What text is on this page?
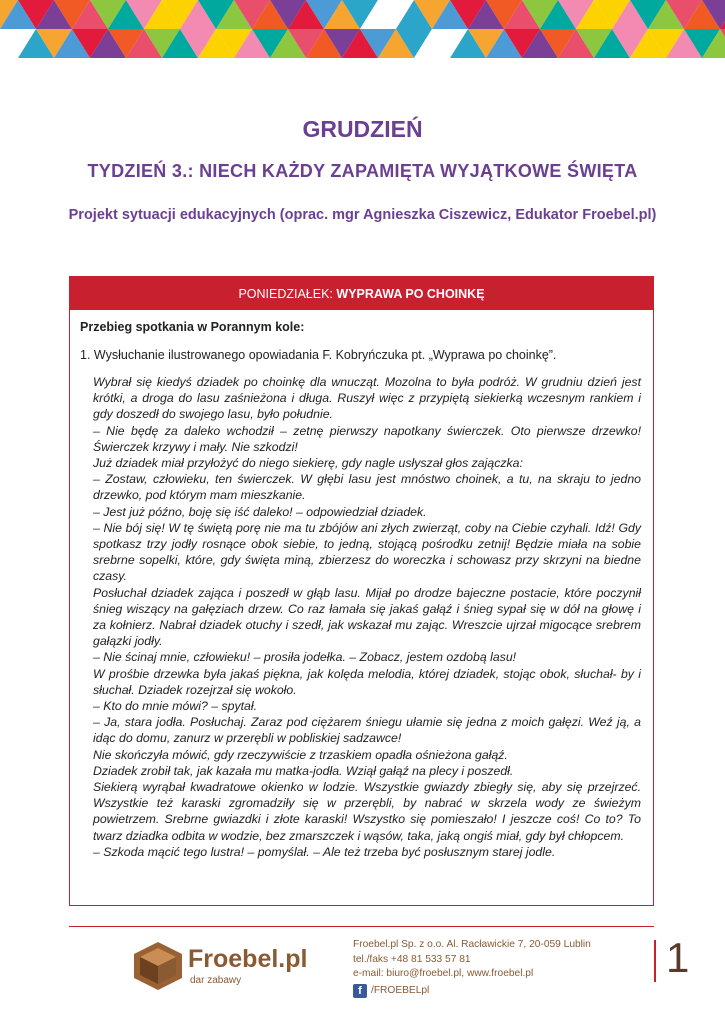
GRUDZIEŃ
TYDZIEŃ 3.: NIECH KAŻDY ZAPAMIĘTA WYJĄTKOWE ŚWIĘTA
Projekt sytuacji edukacyjnych (oprac. mgr Agnieszka Ciszewicz, Edukator Froebel.pl)
PONIEDZIAŁEK: WYPRAWA PO CHOINKĘ
Przebieg spotkania w Porannym kole:
1. Wysłuchanie ilustrowanego opowiadania F. Kobryńczuka pt. „Wyprawa po choinkę”.

Wybrał się kiedyś dziadek po choinkę dla wnucząt. Mozolna to była podróż. W grudniu dzień jest krótki, a droga do lasu zaśnieżona i długa. Ruszył więc z przypiętą siekierką wczesnym rankiem i gdy doszedł do swojego lasu, było południe.

– Nie będę za daleko wchodził – zetnę pierwszy napotkany świerczek. Oto pierwsze drzewko! Świerczek krzywy i mały. Nie szkodzi!

Już dziadek miał przyłożyć do niego siekierę, gdy nagle usłyszał głos zajączka:

– Zostaw, człowieku, ten świerczek. W głębi lasu jest mnóstwo choinek, a tu, na skraju to jedno drzewko, pod którym mam mieszkanie.

– Jest już późno, boję się iść daleko! – odpowiedział dziadek.

– Nie bój się! W tę świętą porę nie ma tu zbójów ani złych zwierząt, coby na Ciebie czyhali. Idź! Gdy spotkasz trzy jodły rosnące obok siebie, to jedną, stojącą pośrodku zetnij! Będzie miała na sobie srebrne sopelki, które, gdy święta miną, zbierzesz do woreczka i schowasz przy skrzyni na biedne czasy.

Posłuchał dziadek zająca i poszedł w głąb lasu. Mijał po drodze bajeczne postacie, które poczynił śnieg wiszący na gałęziach drzew. Co raz łamała się jakaś gałąź i śnieg sypał się w dół na głowę i za kołnierz. Nabrał dziadek otuchy i szedł, jak wskazał mu zając. Wreszcie ujrzał migocące srebrem gałązki jodły.

– Nie ścinaj mnie, człowieku! – prosiła jodełka. – Zobacz, jestem ozdobą lasu!

W prośbie drzewka była jakaś pięknа, jak kolęda melodia, której dziadek, stojąc obok, słuchał- by i słuchał. Dziadek rozejrzał się wokoło.

– Kto do mnie mówi? – spytał.

– Ja, stara jodła. Posłuchaj. Zaraz pod ciężarem śniegu ułamie się jedna z moich gałęzi. Weź ją, a idąc do domu, zanurz w przerębli w pobliskiej sadzawce!

Nie skończyła mówić, gdy rzeczywiście z trzaskiem opadła ośnieżona gałąź.

Dziadek zrobił tak, jak kazała mu matka-jodła. Wziął gałąź na plecy i poszedł.

Siekierą wyrąbał kwadratowe okienko w lodzie. Wszystkie gwiazdy zbiegły się, aby się przejrzeć. Wszystkie też karaski zgromadziły się w przerębli, by nabrać w skrzela wody ze świeżym powietrzem. Srebrne gwiazdki i złote karaski! Wszystko się pomieszało! I jeszcze coś! Co to? To twarz dziadka odbita w wodzie, bez zmarszczek i wąsów, taka, jaką ongiś miał, gdy był chłopcem.

– Szkoda mącić tego lustra! – pomyślał. – Ale też trzeba być posłusznym starej jodle.

Froebel.pl
dar zabawy
Froebel.pl Sp. z o.o. Al. Racławickie 7, 20-059 Lublin
tel./faks +48 81 533 57 81
e-mail: biuro@froebel.pl, www.froebel.pl
f /FROEBELpl
1
